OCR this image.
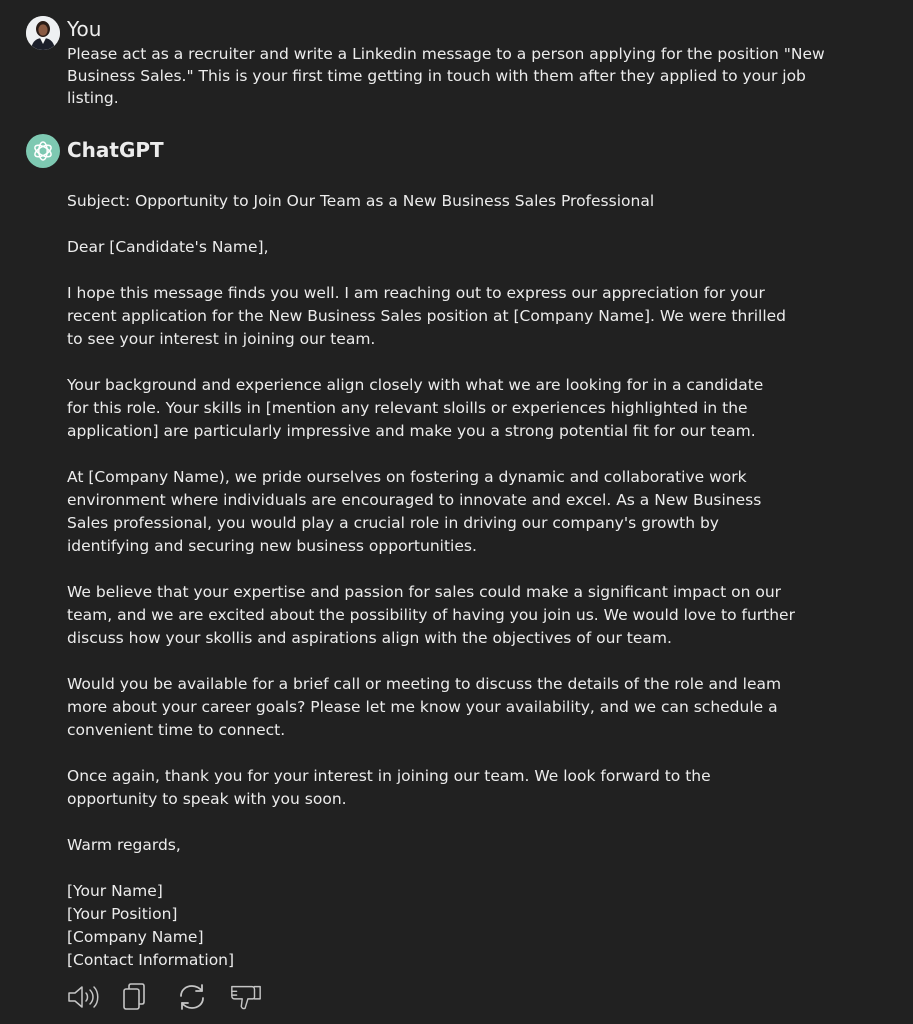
You

Please act as a recruiter and write a Linkedin message to a person applying for the position "New
Business Sales." This is your first time getting in touch with them after they applied to your job
listing.

ChatGPT

Subject: Opportunity to Join Our Team as a New Business Sales Professional

Dear [Candidate's Name],

I hope this message finds you well. I am reaching out to express our appreciation for your
recent application for the New Business Sales position at [Company Name]. We were thrilled
to see your interest in joining our team.

Your background and experience align closely with what we are looking for in a candidate
for this role. Your skills in [mention any relevant sloills or experiences highlighted in the
application] are particularly impressive and make you a strong potential fit for our team.

At [Company Name), we pride ourselves on fostering a dynamic and collaborative work
environment where individuals are encouraged to innovate and excel. As a New Business
Sales professional, you would play a crucial role in driving our company's growth by
identifying and securing new business opportunities.

We believe that your expertise and passion for sales could make a significant impact on our
team, and we are excited about the possibility of having you join us. We would love to further
discuss how your skollis and aspirations align with the objectives of our team.

Would you be available for a brief call or meeting to discuss the details of the role and leam
more about your career goals? Please let me know your availability, and we can schedule a
convenient time to connect.

Once again, thank you for your interest in joining our team. We look forward to the
opportunity to speak with you soon.

Warm regards,

[Your Name]
[Your Position]
[Company Name]
[Contact Information]
